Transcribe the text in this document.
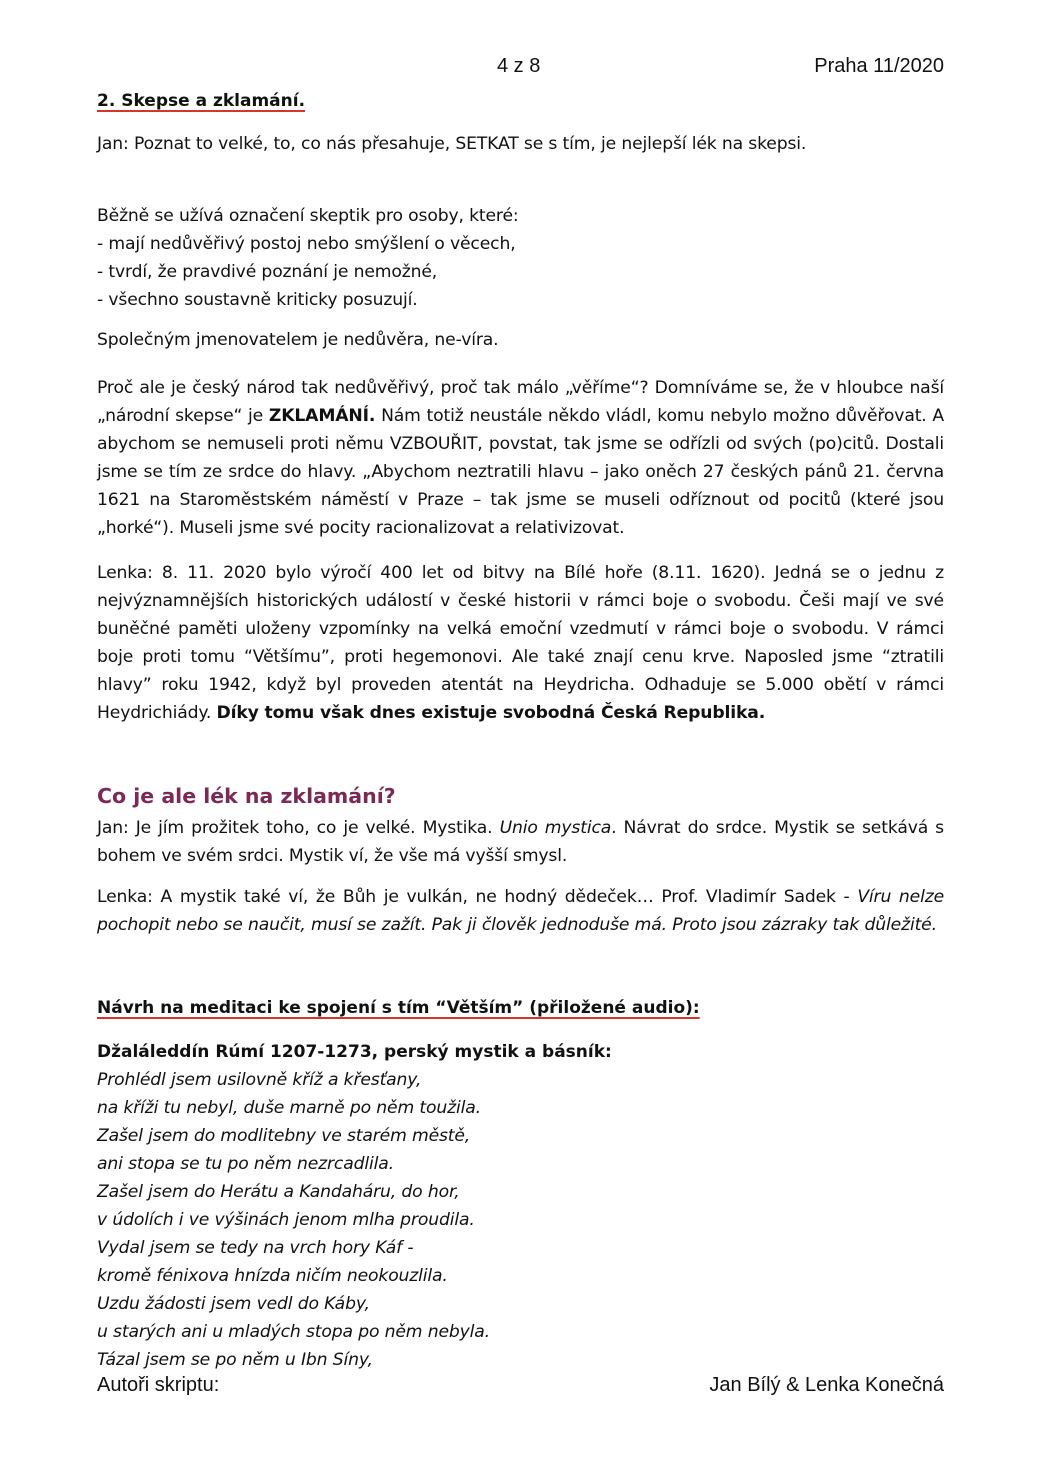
4 z 8	Praha 11/2020
2. Skepse a zklamání.
Jan: Poznat to velké, to, co nás přesahuje, SETKAT se s tím, je nejlepší lék na skepsi.
Běžně se užívá označení skeptik pro osoby, které:
- mají nedůvěřivý postoj nebo smýšlení o věcech,
- tvrdí, že pravdivé poznání je nemožné,
- všechno soustavně kriticky posuzují.
Společným jmenovatelem je nedůvěra, ne-víra.
Proč ale je český národ tak nedůvěřivý, proč tak málo „věříme“? Domníváme se, že v hloubce naší „národní skepse“ je ZKLAMÁNÍ. Nám totiž neustále někdo vládl, komu nebylo možno důvěřovat. A abychom se nemuseli proti němu VZBOUŘIT, povstat, tak jsme se odřízli od svých (po)citů. Dostali jsme se tím ze srdce do hlavy. „Abychom neztratili hlavu – jako oněch 27 českých pánů 21. června 1621 na Staroměstském náměstí v Praze – tak jsme se museli odříznout od pocitů (které jsou „horké“). Museli jsme své pocity racionalizovat a relativizovat.
Lenka: 8. 11. 2020 bylo výročí 400 let od bitvy na Bílé hoře (8.11. 1620). Jedná se o jednu z nejvýznamnějších historických událostí v české historii v rámci boje o svobodu. Češi mají ve své buněčné paměti uloženy vzpomínky na velká emoční vzedmutí v rámci boje o svobodu. V rámci boje proti tomu “Většímu”, proti hegemonovi. Ale také znají cenu krve. Naposled jsme “ztratili hlavy” roku 1942, když byl proveden atentát na Heydricha. Odhaduje se 5.000 obětí v rámci Heydrichiády. Díky tomu však dnes existuje svobodná Česká Republika.
Co je ale lék na zklamání?
Jan: Je jím prožitek toho, co je velké. Mystika. Unio mystica. Návrat do srdce. Mystik se setkává s bohem ve svém srdci. Mystik ví, že vše má vyšší smysl.
Lenka: A mystik také ví, že Bůh je vulkán, ne hodný dědeček… Prof. Vladimír Sadek - Víru nelze pochopit nebo se naučit, musí se zažít. Pak ji člověk jednoduše má. Proto jsou zázraky tak důležité.
Návrh na meditaci ke spojení s tím “Větším” (přiložené audio):
Džaláleddín Rúmí 1207-1273, perský mystik a básník:
Prohlédl jsem usilovně kříž a křesťany,
na kříži tu nebyl, duše marně po něm toužila.
Zašel jsem do modlitebny ve starém městě,
ani stopa se tu po něm nezrcadlila.
Zašel jsem do Herátu a Kandaháru, do hor,
v údolích i ve výšinách jenom mlha proudila.
Vydal jsem se tedy na vrch hory Káf -
kromě fénixova hnízda ničím neokouzlila.
Uzdu žádosti jsem vedl do Káby,
u starých ani u mladých stopa po něm nebyla.
Tázal jsem se po něm u Ibn Síny,
Autoři skriptu:	Jan Bílý & Lenka Konečná
